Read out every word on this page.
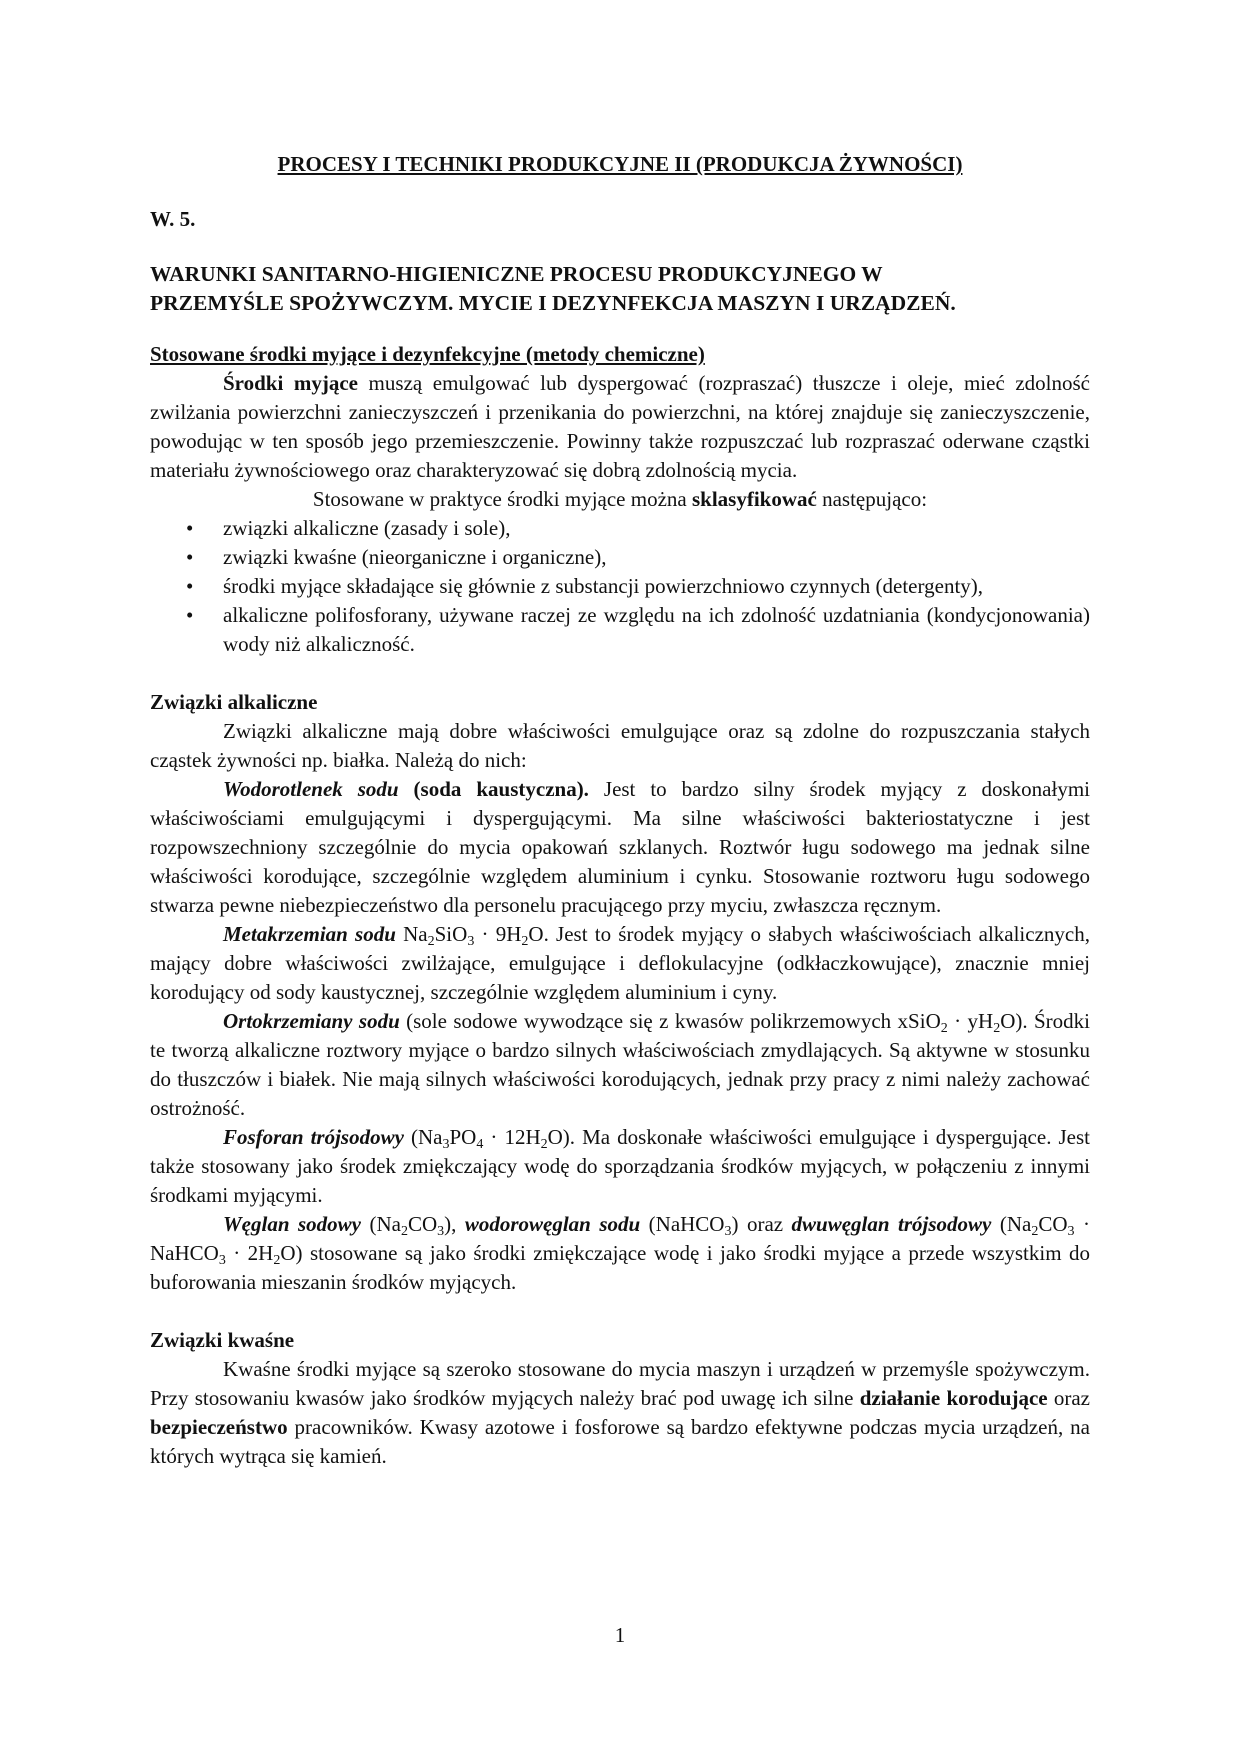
PROCESY I TECHNIKI PRODUKCYJNE II (PRODUKCJA ŻYWNOŚCI)
W. 5.
WARUNKI SANITARNO-HIGIENICZNE PROCESU PRODUKCYJNEGO W
PRZEMYŚLE SPOŻYWCZYM. MYCIE I DEZYNFEKCJA MASZYN I URZĄDZEŃ.
Stosowane środki myjące i dezynfekcyjne (metody chemiczne)

Środki myjące muszą emulgować lub dyspergować (rozpraszać) tłuszcze i oleje, mieć zdolność zwilżania powierzchni zanieczyszczeń i przenikania do powierzchni, na której znajduje się zanieczyszczenie, powodując w ten sposób jego przemieszczenie. Powinny także rozpuszczać lub rozpraszać oderwane cząstki materiału żywnościowego oraz charakteryzować się dobrą zdolnością mycia.

Stosowane w praktyce środki myjące można sklasyfikować następująco:

• związki alkaliczne (zasady i sole),
• związki kwaśne (nieorganiczne i organiczne),
• środki myjące składające się głównie z substancji powierzchniowo czynnych (detergenty),
• alkaliczne polifosforany, używane raczej ze względu na ich zdolność uzdatniania (kondycjonowania) wody niż alkaliczność.
Związki alkaliczne

Związki alkaliczne mają dobre właściwości emulgujące oraz są zdolne do rozpuszczania stałych cząstek żywności np. białka. Należą do nich:

Wodorotlenek sodu (soda kaustyczna). Jest to bardzo silny środek myjący z doskonałymi właściwościami emulgującymi i dyspergującymi. Ma silne właściwości bakteriostatyczne i jest rozpowszechniony szczególnie do mycia opakowań szklanych. Roztwór ługu sodowego ma jednak silne właściwości korodujące, szczególnie względem aluminium i cynku. Stosowanie roztworu ługu sodowego stwarza pewne niebezpieczeństwo dla personelu pracującego przy myciu, zwłaszcza ręcznym.

Metakrzemian sodu $Na_2SiO_3 \cdot 9H_2O$. Jest to środek myjący o słabych właściwościach alkalicznych, mający dobre właściwości zwilżające, emulgujące i deflokulacyjne (odkłaczkowujące), znacznie mniej korodujący od sody kaustycznej, szczególnie względem aluminium i cyny.

Ortokrzemiany sodu (sole sodowe wywodzące się z kwasów polikrzemowych xSiO$_2$ · $yH_2O$). Środki te tworzą alkaliczne roztwory myjące o bardzo silnych właściwościach zmydlających. Są aktywne w stosunku do tłuszczów i białek. Nie mają silnych właściwości korodujących, jednak przy pracy z nimi należy zachować ostrożność.

Fosforan trójsodowy $(Na_3PO_4 \cdot 12H_2O)$. Ma doskonałe właściwości emulgujące i dyspergujące. Jest także stosowany jako środek zmiękczający wodę do sporządzania środków myjących, w połączeniu z innymi środkami myjącymi.

Węglan sodowy $(Na_2CO_3)$, wodorowęglan sodu (NaHCO$_3$) oraz dwuwęglan trójsodowy ($Na_2CO_3$ · NaHCO$_3$ · $2H_2O$) stosowane są jako środki zmiękczające wodę i jako środki myjące a przede wszystkim do buforowania mieszanin środków myjących.

Związki kwaśne

Kwaśne środki myjące są szeroko stosowane do mycia maszyn i urządzeń w przemyśle spożywczym. Przy stosowaniu kwasów jako środków myjących należy brać pod uwagę ich silne działanie korodujące oraz bezpieczeństwo pracowników. Kwasy azotowe i fosforowe są bardzo efektywne podczas mycia urządzeń, na których wytrąca się kamień.

1
